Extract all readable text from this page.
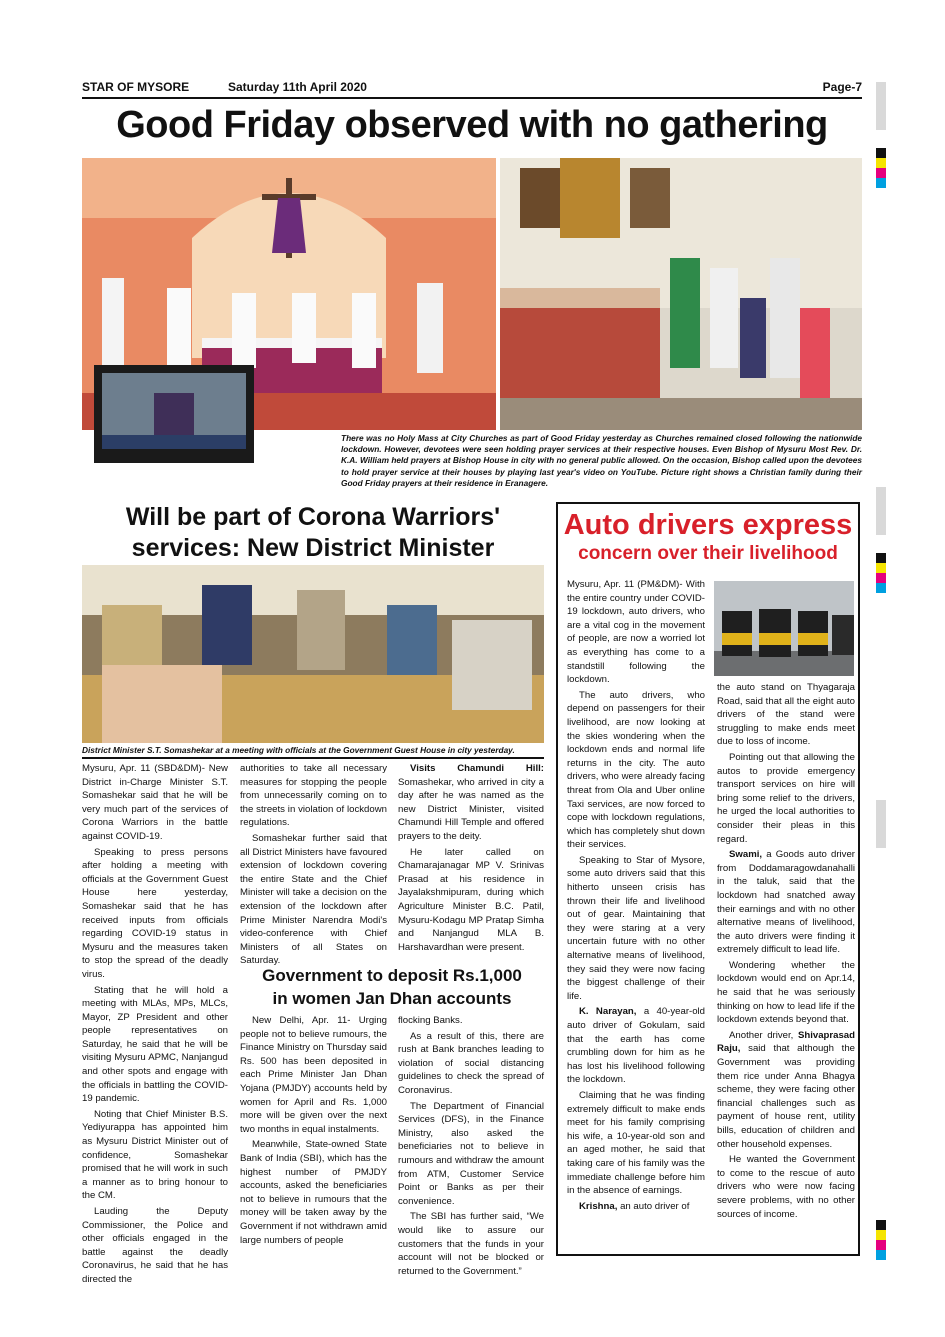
STAR OF MYSORE	Saturday 11th April 2020	Page-7
Good Friday observed with no gathering
There was no Holy Mass at City Churches as part of Good Friday yesterday as Churches remained closed following the nationwide lockdown. However, devotees were seen holding prayer services at their respective houses. Even Bishop of Mysuru Most Rev. Dr. K.A. William held prayers at Bishop House in city with no general public allowed. On the occasion, Bishop called upon the devotees to hold prayer service at their houses by playing last year's video on YouTube. Picture right shows a Christian family during their Good Friday prayers at their residence in Eranagere.
Will be part of Corona Warriors'
services: New District Minister
District Minister S.T. Somashekar at a meeting with officials at the Government Guest House in city yesterday.

Mysuru, Apr. 11 (SBD&DM)- New District in-Charge Minister S.T. Somashekar said that he will be very much part of the services of Corona Warriors in the battle against COVID-19.

Speaking to press persons after holding a meeting with officials at the Government Guest House here yesterday, Somashekar said that he has received inputs from officials regarding COVID-19 status in Mysuru and the measures taken to stop the spread of the deadly virus.

Stating that he will hold a meeting with MLAs, MPs, MLCs, Mayor, ZP President and other people representatives on Saturday, he said that he will be visiting Mysuru APMC, Nanjangud and other spots and engage with the officials in battling the COVID-19 pandemic.

Noting that Chief Minister B.S. Yediyurappa has appointed him as Mysuru District Minister out of confidence, Somashekar promised that he will work in such a manner as to bring honour to the CM.

Lauding the Deputy Commissioner, the Police and other officials engaged in the battle against the deadly Coronavirus, he said that he has directed the

authorities to take all necessary measures for stopping the people from unnecessarily coming on to the streets in violation of lockdown regulations.

Somashekar further said that all District Ministers have favoured extension of lockdown covering the entire State and the Chief Minister will take a decision on the extension of the lockdown after Prime Minister Narendra Modi's video-conference with Chief Ministers of all States on Saturday.

Visits Chamundi Hill: Somashekar, who arrived in city a day after he was named as the new District Minister, visited Chamundi Hill Temple and offered prayers to the deity.

He later called on Chamarajanagar MP V. Srinivas Prasad at his residence in Jayalakshmipuram, during which Agriculture Minister B.C. Patil, Mysuru-Kodagu MP Pratap Simha and Nanjangud MLA B. Harshavardhan were present.

Government to deposit Rs.1,000
in women Jan Dhan accounts

New Delhi, Apr. 11- Urging people not to believe rumours, the Finance Ministry on Thursday said Rs. 500 has been deposited in each Prime Minister Jan Dhan Yojana (PMJDY) accounts held by women for April and Rs. 1,000 more will be given over the next two months in equal instalments.

Meanwhile, State-owned State Bank of India (SBI), which has the highest number of PMJDY accounts, asked the beneficiaries not to believe in rumours that the money will be taken away by the Government if not withdrawn amid large numbers of people

flocking Banks.

As a result of this, there are rush at Bank branches leading to violation of social distancing guidelines to check the spread of Coronavirus.

The Department of Financial Services (DFS), in the Finance Ministry, also asked the beneficiaries not to believe in rumours and withdraw the amount from ATM, Customer Service Point or Banks as per their convenience.

The SBI has further said, “We would like to assure our customers that the funds in your account will not be blocked or returned to the Government.”

Auto drivers express
concern over their livelihood

Mysuru, Apr. 11 (PM&DM)- With the entire country under COVID-19 lockdown, auto drivers, who are a vital cog in the movement of people, are now a worried lot as everything has come to a standstill following the lockdown.

The auto drivers, who depend on passengers for their livelihood, are now looking at the skies wondering when the lockdown ends and normal life returns in the city. The auto drivers, who were already facing threat from Ola and Uber online Taxi services, are now forced to cope with lockdown regulations, which has completely shut down their services.

Speaking to Star of Mysore, some auto drivers said that this hitherto unseen crisis has thrown their life and livelihood out of gear. Maintaining that they were staring at a very uncertain future with no other alternative means of livelihood, they said they were now facing the biggest challenge of their life.

K. Narayan, a 40-year-old auto driver of Gokulam, said that the earth has come crumbling down for him as he has lost his livelihood following the lockdown.

Claiming that he was finding extremely difficult to make ends meet for his family comprising his wife, a 10-year-old son and an aged mother, he said that taking care of his family was the immediate challenge before him in the absence of earnings.

Krishna, an auto driver of

the auto stand on Thyagaraja Road, said that all the eight auto drivers of the stand were struggling to make ends meet due to loss of income.

Pointing out that allowing the autos to provide emergency transport services on hire will bring some relief to the drivers, he urged the local authorities to consider their pleas in this regard.

Swami, a Goods auto driver from Doddamaragowdanahalli in the taluk, said that the lockdown had snatched away their earnings and with no other alternative means of livelihood, the auto drivers were finding it extremely difficult to lead life.

Wondering whether the lockdown would end on Apr.14, he said that he was seriously thinking on how to lead life if the lockdown extends beyond that.

Another driver, Shivaprasad Raju, said that although the Government was providing them rice under Anna Bhagya scheme, they were facing other financial challenges such as payment of house rent, utility bills, education of children and other household expenses.

He wanted the Government to come to the rescue of auto drivers who were now facing severe problems, with no other sources of income.
